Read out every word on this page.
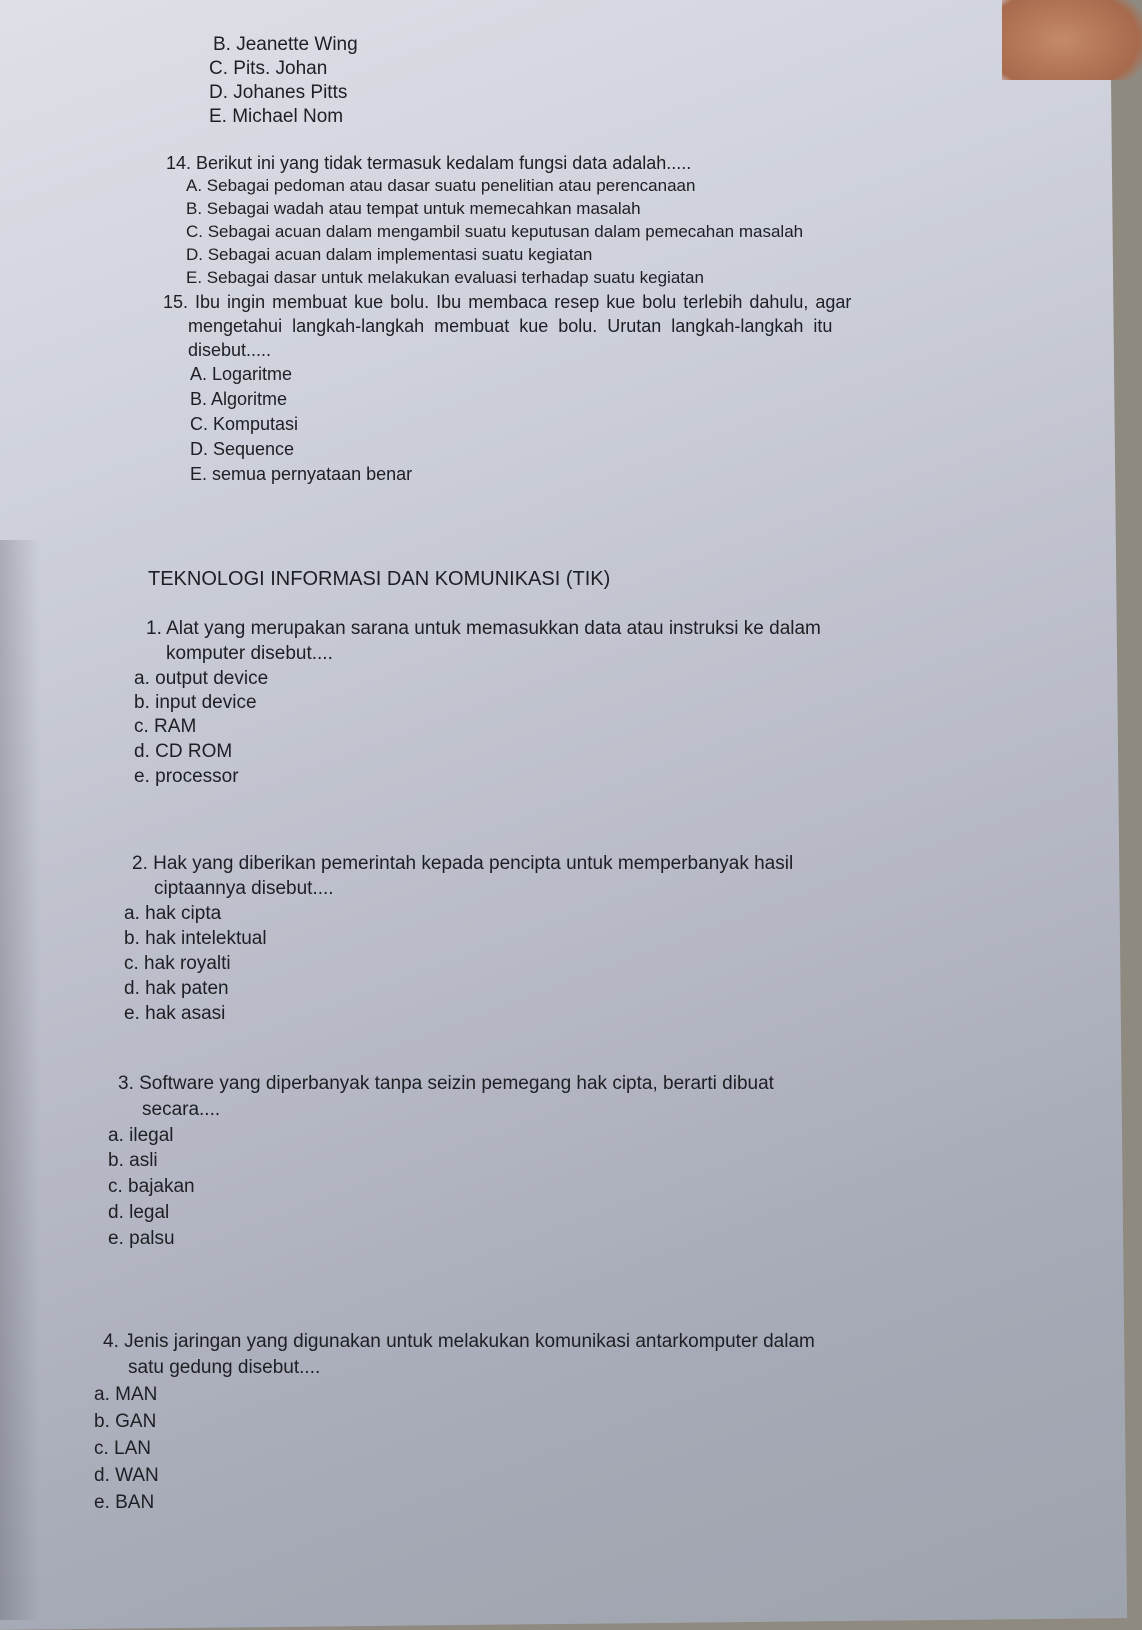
B. Jeanette Wing
C. Pits. Johan
D. Johanes Pitts
E. Michael Nom
14. Berikut ini yang tidak termasuk kedalam fungsi data adalah.....
A. Sebagai pedoman atau dasar suatu penelitian atau perencanaan
B. Sebagai wadah atau tempat untuk memecahkan masalah
C. Sebagai acuan dalam mengambil suatu keputusan dalam pemecahan masalah
D. Sebagai acuan dalam implementasi suatu kegiatan
E. Sebagai dasar untuk melakukan evaluasi terhadap suatu kegiatan
15. Ibu ingin membuat kue bolu. Ibu membaca resep kue bolu terlebih dahulu, agar
mengetahui langkah-langkah membuat kue bolu. Urutan langkah-langkah itu
disebut.....
A. Logaritme
B. Algoritme
C. Komputasi
D. Sequence
E. semua pernyataan benar
TEKNOLOGI INFORMASI DAN KOMUNIKASI (TIK)
1. Alat yang merupakan sarana untuk memasukkan data atau instruksi ke dalam
komputer disebut....
a. output device
b. input device
c. RAM
d. CD ROM
e. processor
2. Hak yang diberikan pemerintah kepada pencipta untuk memperbanyak hasil
ciptaannya disebut....
a. hak cipta
b. hak intelektual
c. hak royalti
d. hak paten
e. hak asasi
3. Software yang diperbanyak tanpa seizin pemegang hak cipta, berarti dibuat
secara....
a. ilegal
b. asli
c. bajakan
d. legal
e. palsu
4. Jenis jaringan yang digunakan untuk melakukan komunikasi antarkomputer dalam
satu gedung disebut....
a. MAN
b. GAN
c. LAN
d. WAN
e. BAN
